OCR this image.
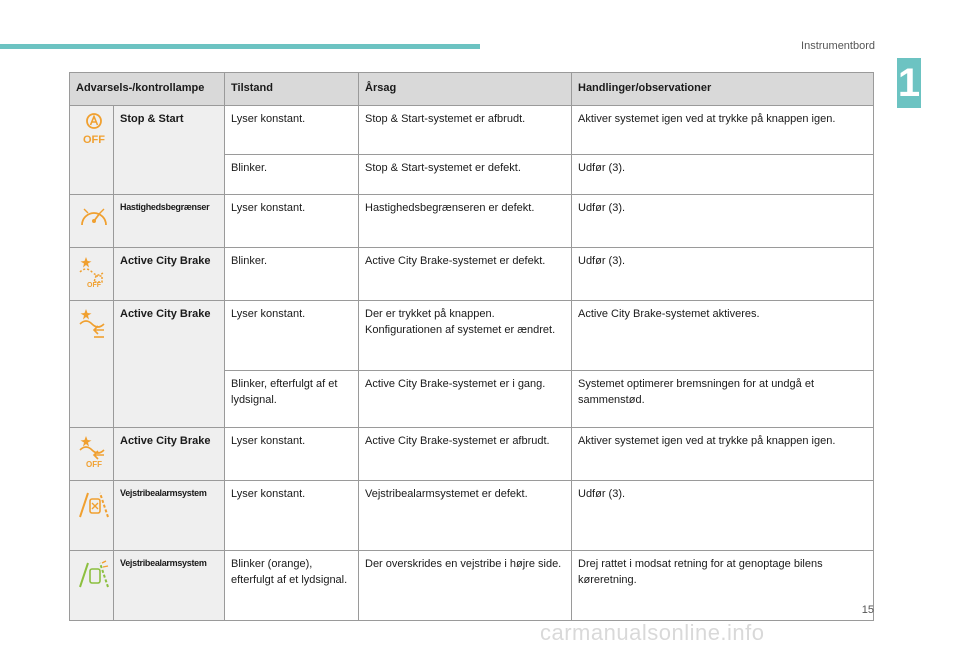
Instrumentbord
1
Advarsels-/kontrollampe		Tilstand	Årsag	Handlinger/observationer

OFF	Stop & Start	Lyser konstant.	Stop & Start-systemet er afbrudt.	Aktiver systemet igen ved at trykke på knappen igen.
		Blinker.	Stop & Start-systemet er defekt.	Udfør (3).
	Hastighedsbegrænser	Lyser konstant.	Hastighedsbegrænseren er defekt.	Udfør (3).

OFF	Active City Brake	Blinker.	Active City Brake-systemet er defekt.	Udfør (3).
	Active City Brake	Lyser konstant.	Der er trykket på knappen. Konfigurationen af systemet er ændret.	Active City Brake-systemet aktiveres.
		Blinker, efterfulgt af et lydsignal.	Active City Brake-systemet er i gang.	Systemet optimerer bremsningen for at undgå et sammenstød.

OFF	Active City Brake	Lyser konstant.	Active City Brake-systemet er afbrudt.	Aktiver systemet igen ved at trykke på knappen igen.
	Vejstribealarmsystem	Lyser konstant.	Vejstribealarmsystemet er defekt.	Udfør (3).
	Vejstribealarmsystem	Blinker (orange), efterfulgt af et lydsignal.	Der overskrides en vejstribe i højre side.	Drej rattet i modsat retning for at genoptage bilens køreretning.
15
carmanualsonline.info
